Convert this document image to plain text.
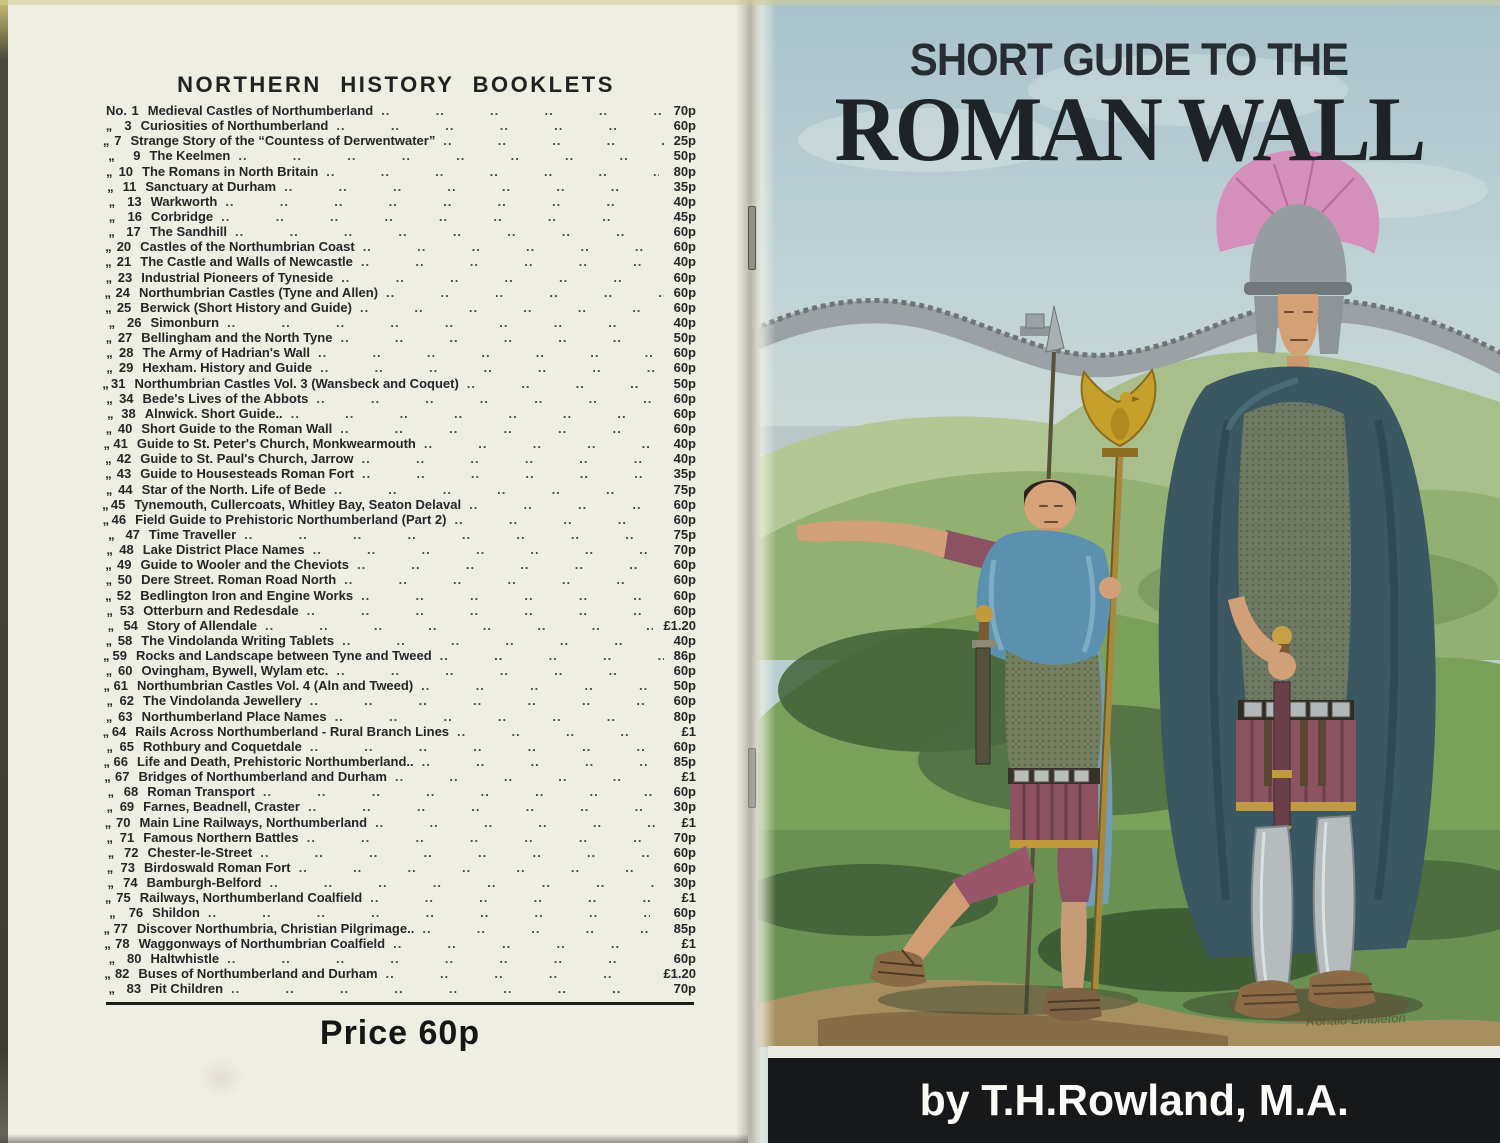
NORTHERN HISTORY BOOKLETS
No. 1 Medieval Castles of Northumberland ..  .	70p
„ 3 Curiosities of Northumberland ..  .	60p
„ 7 Strange Story of the “Countess of Derwentwater” ..  .	25p
„	9 The Keelmen ..  .	50p
„ 10 The Romans in North Britain ..  .	80p
„ 11 Sanctuary at Durham ..  .	35p
„ 13 Warkworth ..  .	40p
„ 16 Corbridge ..  .	45p
„ 17 The Sandhill ..  .	60p
„ 20 Castles of the Northumbrian Coast ..  .	60p
„ 21 The Castle and Walls of Newcastle ..  .	40p
„ 23 Industrial Pioneers of Tyneside ..  .	60p
„ 24 Northumbrian Castles (Tyne and Allen) ..  .	60p
„ 25 Berwick (Short History and Guide) ..  .	60p
„ 26 Simonburn ..  .	40p
„ 27 Bellingham and the North Tyne ..  .	50p
„ 28 The Army of Hadrian's Wall ..  .	60p
„ 29 Hexham. History and Guide ..  .	60p
„ 31 Northumbrian Castles Vol. 3 (Wansbeck and Coquet) ..  .	50p
„ 34 Bede's Lives of the Abbots ..  .	60p
„ 38 Alnwick. Short Guide.. ..  .	60p
„ 40 Short Guide to the Roman Wall ..  .	60p
„ 41 Guide to St. Peter's Church, Monkwearmouth ..  .	40p
„ 42 Guide to St. Paul's Church, Jarrow ..  .	40p
„ 43 Guide to Housesteads Roman Fort ..  .	35p
„ 44 Star of the North. Life of Bede ..  .	75p
„ 45 Tynemouth, Cullercoats, Whitley Bay, Seaton Delaval ..  .	60p
„ 46 Field Guide to Prehistoric Northumberland (Part 2) ..  .	60p
„ 47 Time Traveller ..  .	75p
„ 48 Lake District Place Names ..  .	70p
„ 49 Guide to Wooler and the Cheviots ..  .	60p
„ 50 Dere Street. Roman Road North ..  .	60p
„ 52 Bedlington Iron and Engine Works ..  .	60p
„ 53 Otterburn and Redesdale ..  .	60p
„ 54 Story of Allendale ..  .	£1.20
„ 58 The Vindolanda Writing Tablets ..  .	40p
„ 59 Rocks and Landscape between Tyne and Tweed ..  .	86p
„ 60 Ovingham, Bywell, Wylam etc. ..  .	60p
„ 61 Northumbrian Castles Vol. 4 (Aln and Tweed) ..  .	50p
„ 62 The Vindolanda Jewellery ..  .	60p
„ 63 Northumberland Place Names ..  .	80p
„ 64 Rails Across Northumberland - Rural Branch Lines ..  .	£1
„ 65 Rothbury and Coquetdale ..  .	60p
„ 66 Life and Death, Prehistoric Northumberland.. ..  .	85p
„ 67 Bridges of Northumberland and Durham ..  .	£1
„ 68 Roman Transport ..  .	60p
„ 69 Farnes, Beadnell, Craster ..  .	30p
„ 70 Main Line Railways, Northumberland ..  .	£1
„ 71 Famous Northern Battles ..  .	70p
„ 72 Chester-le-Street ..  .	60p
„ 73 Birdoswald Roman Fort ..  .	60p
„ 74 Bamburgh-Belford ..  .	30p
„ 75 Railways, Northumberland Coalfield ..  .	£1
„	76 Shildon ..  .	60p
„ 77 Discover Northumbria, Christian Pilgrimage.. ..  .	85p
„ 78 Waggonways of Northumbrian Coalfield ..  .	£1
„ 80 Haltwhistle ..  .	60p
„ 82 Buses of Northumberland and Durham ..  .	£1.20
„ 83 Pit Children ..  .	70p
Price 60p
SHORT GUIDE TO THE
ROMAN WALL
Ronald Embleton
by T.H.Rowland, M.A.
